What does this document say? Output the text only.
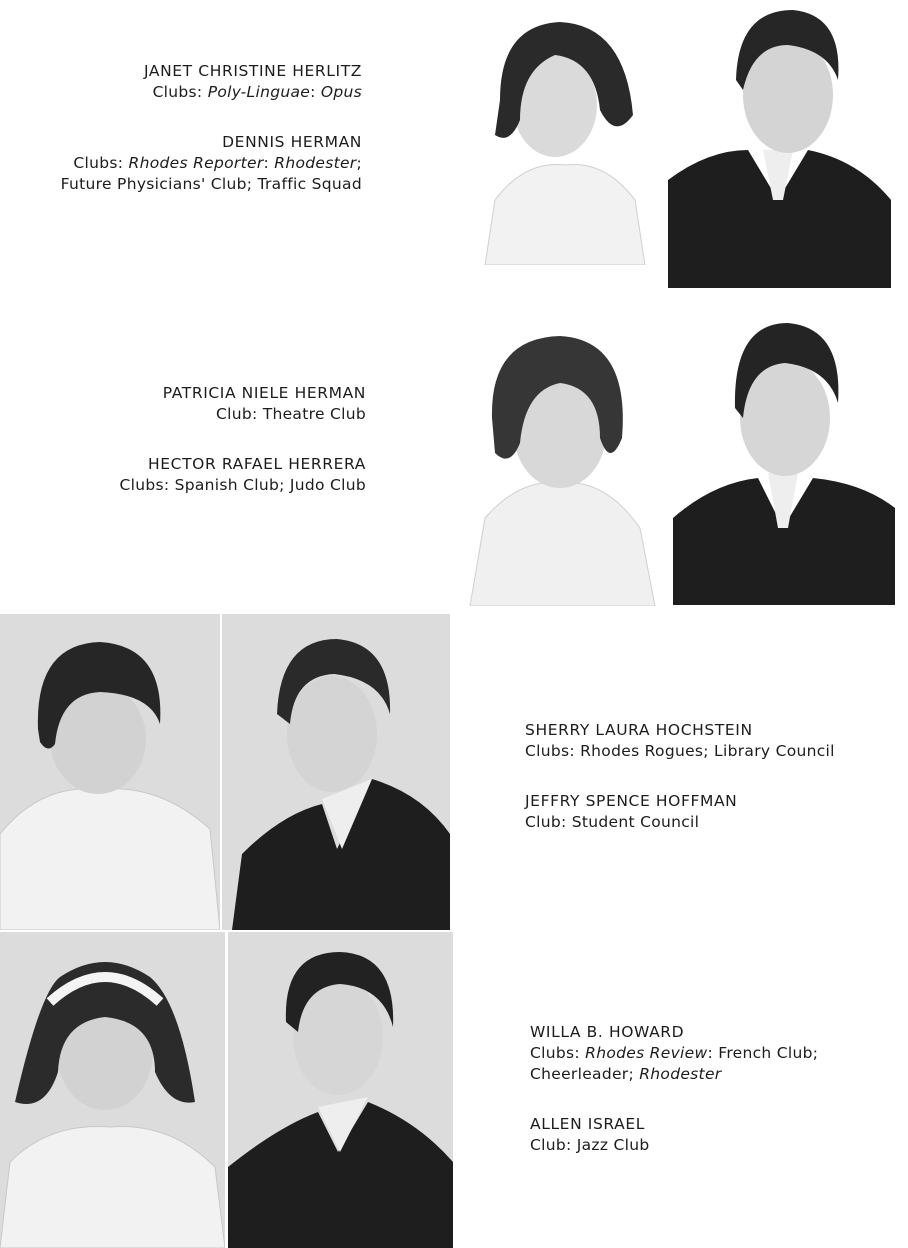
JANET CHRISTINE HERLITZ
Clubs: Poly-Linguae: Opus
DENNIS HERMAN
Clubs: Rhodes Reporter: Rhodester;
Future Physicians' Club; Traffic Squad
PATRICIA NIELE HERMAN
Club: Theatre Club
HECTOR RAFAEL HERRERA
Clubs: Spanish Club; Judo Club
SHERRY LAURA HOCHSTEIN
Clubs: Rhodes Rogues; Library Council
JEFFRY SPENCE HOFFMAN
Club: Student Council
WILLA B. HOWARD
Clubs: Rhodes Review: French Club;
Cheerleader; Rhodester
ALLEN ISRAEL
Club: Jazz Club
